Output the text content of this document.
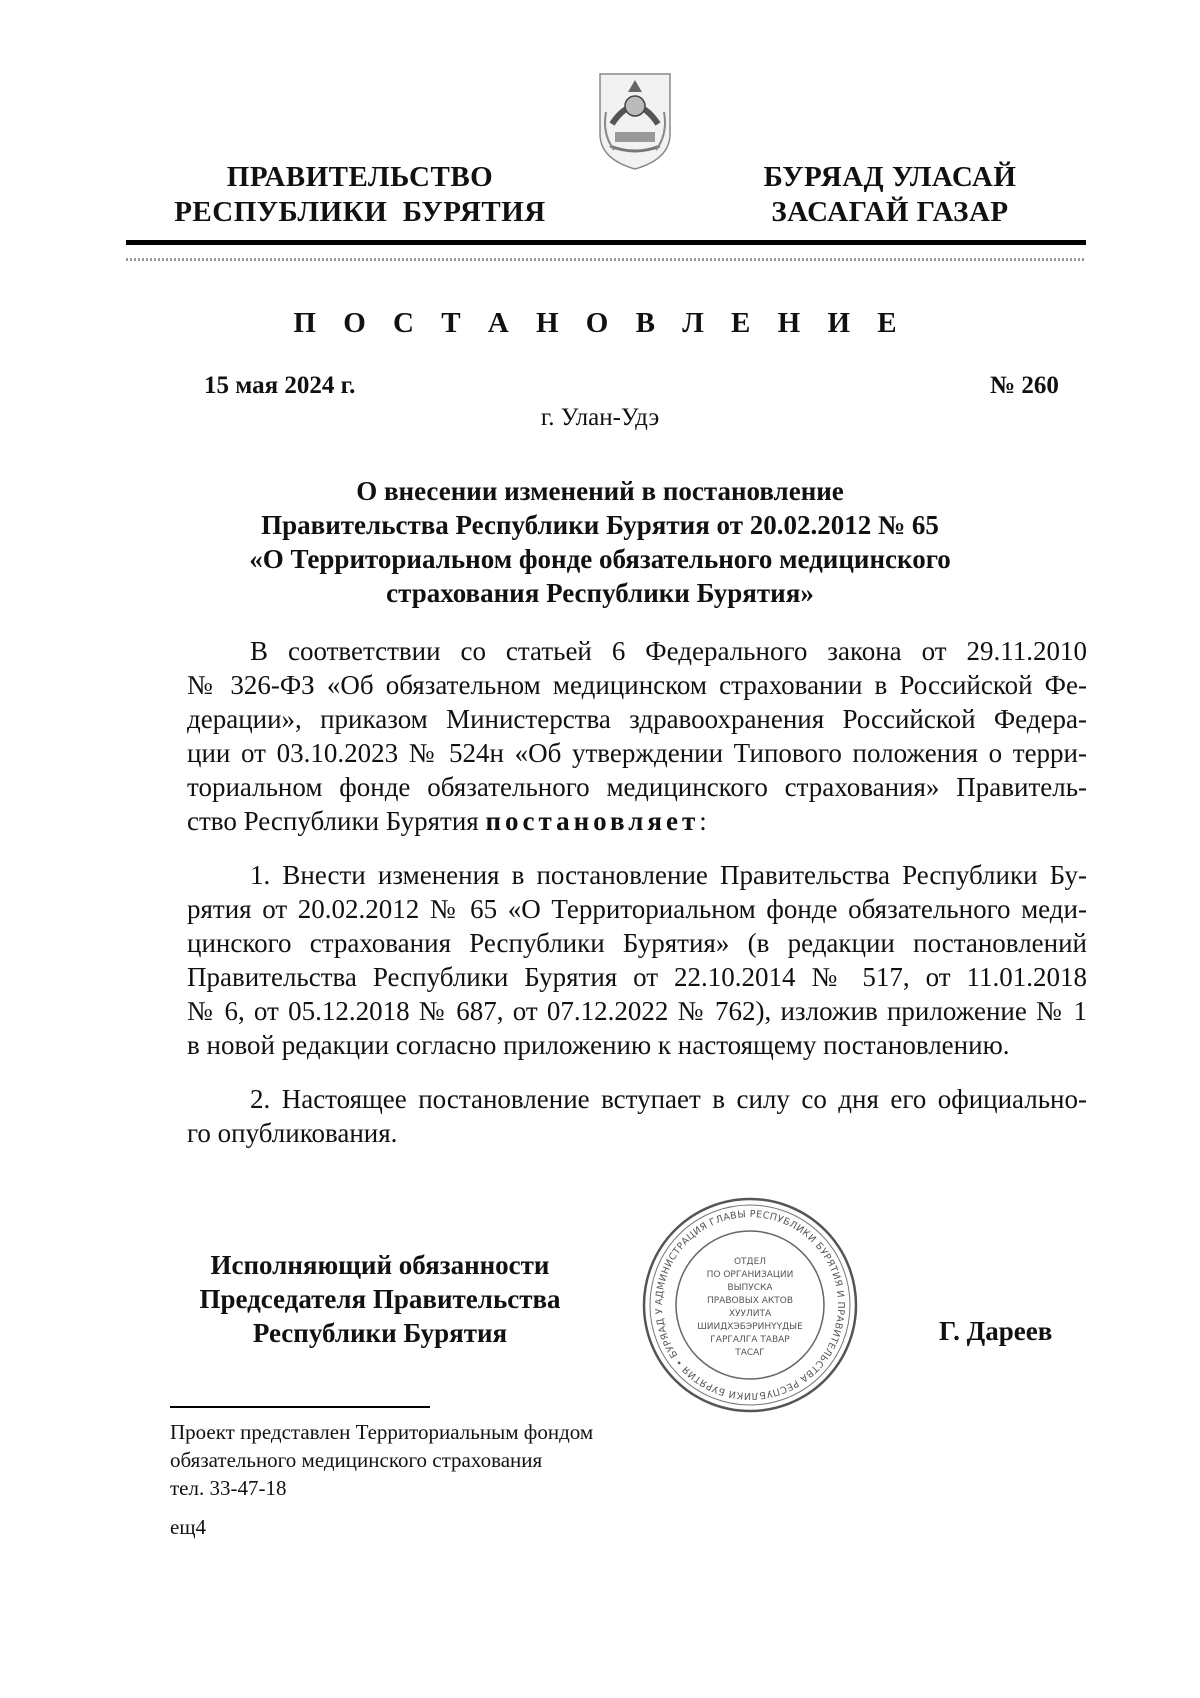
ПРАВИТЕЛЬСТВО
РЕСПУБЛИКИ  БУРЯТИЯ
БУРЯАД УЛАСАЙ
ЗАСАГАЙ ГАЗАР
П О С Т А Н О В Л Е Н И Е
15 мая 2024 г.	№ 260
г. Улан-Удэ
О внесении изменений в постановление
Правительства Республики Бурятия от 20.02.2012 № 65
«О Территориальном фонде обязательного медицинского
страхования Республики Бурятия»
В соответствии со статьей 6 Федерального закона от 29.11.2010
№ 326-ФЗ «Об обязательном медицинском страховании в Российской Фе-
дерации», приказом Министерства здравоохранения Российской Федера-
ции от 03.10.2023 № 524н «Об утверждении Типового положения о терри-
ториальном фонде обязательного медицинского страхования» Правитель-
ство Республики Бурятия постановляет:
1. Внести изменения в постановление Правительства Республики Бу-
рятия от 20.02.2012 № 65 «О Территориальном фонде обязательного меди-
цинского страхования Республики Бурятия» (в редакции постановлений
Правительства Республики Бурятия от 22.10.2014 № 517, от 11.01.2018
№ 6, от 05.12.2018 № 687, от 07.12.2022 № 762), изложив приложение № 1
в новой редакции согласно приложению к настоящему постановлению.
2. Настоящее постановление вступает в силу со дня его официально-
го опубликования.
Исполняющий обязанности
Председателя Правительства
Республики Бурятия
АДМИНИСТРАЦИЯ ГЛАВЫ РЕСПУБЛИКИ БУРЯТИЯ И ПРАВИТЕЛЬСТВА РЕСПУБЛИКИ БУРЯТИЯ • БУРЯАД У
ОТДЕЛ
ПО ОРГАНИЗАЦИИ
ВЫПУСКА
ПРАВОВЫХ АКТОВ
ХУУЛИТА
ШИИДХЭБЭРИНҮҮДЫЕ
ГАРГАЛГА ТАВАР
ТАСАГ
Г. Дареев
Проект представлен Территориальным фондом
обязательного медицинского страхования
тел. 33-47-18
ещ4
